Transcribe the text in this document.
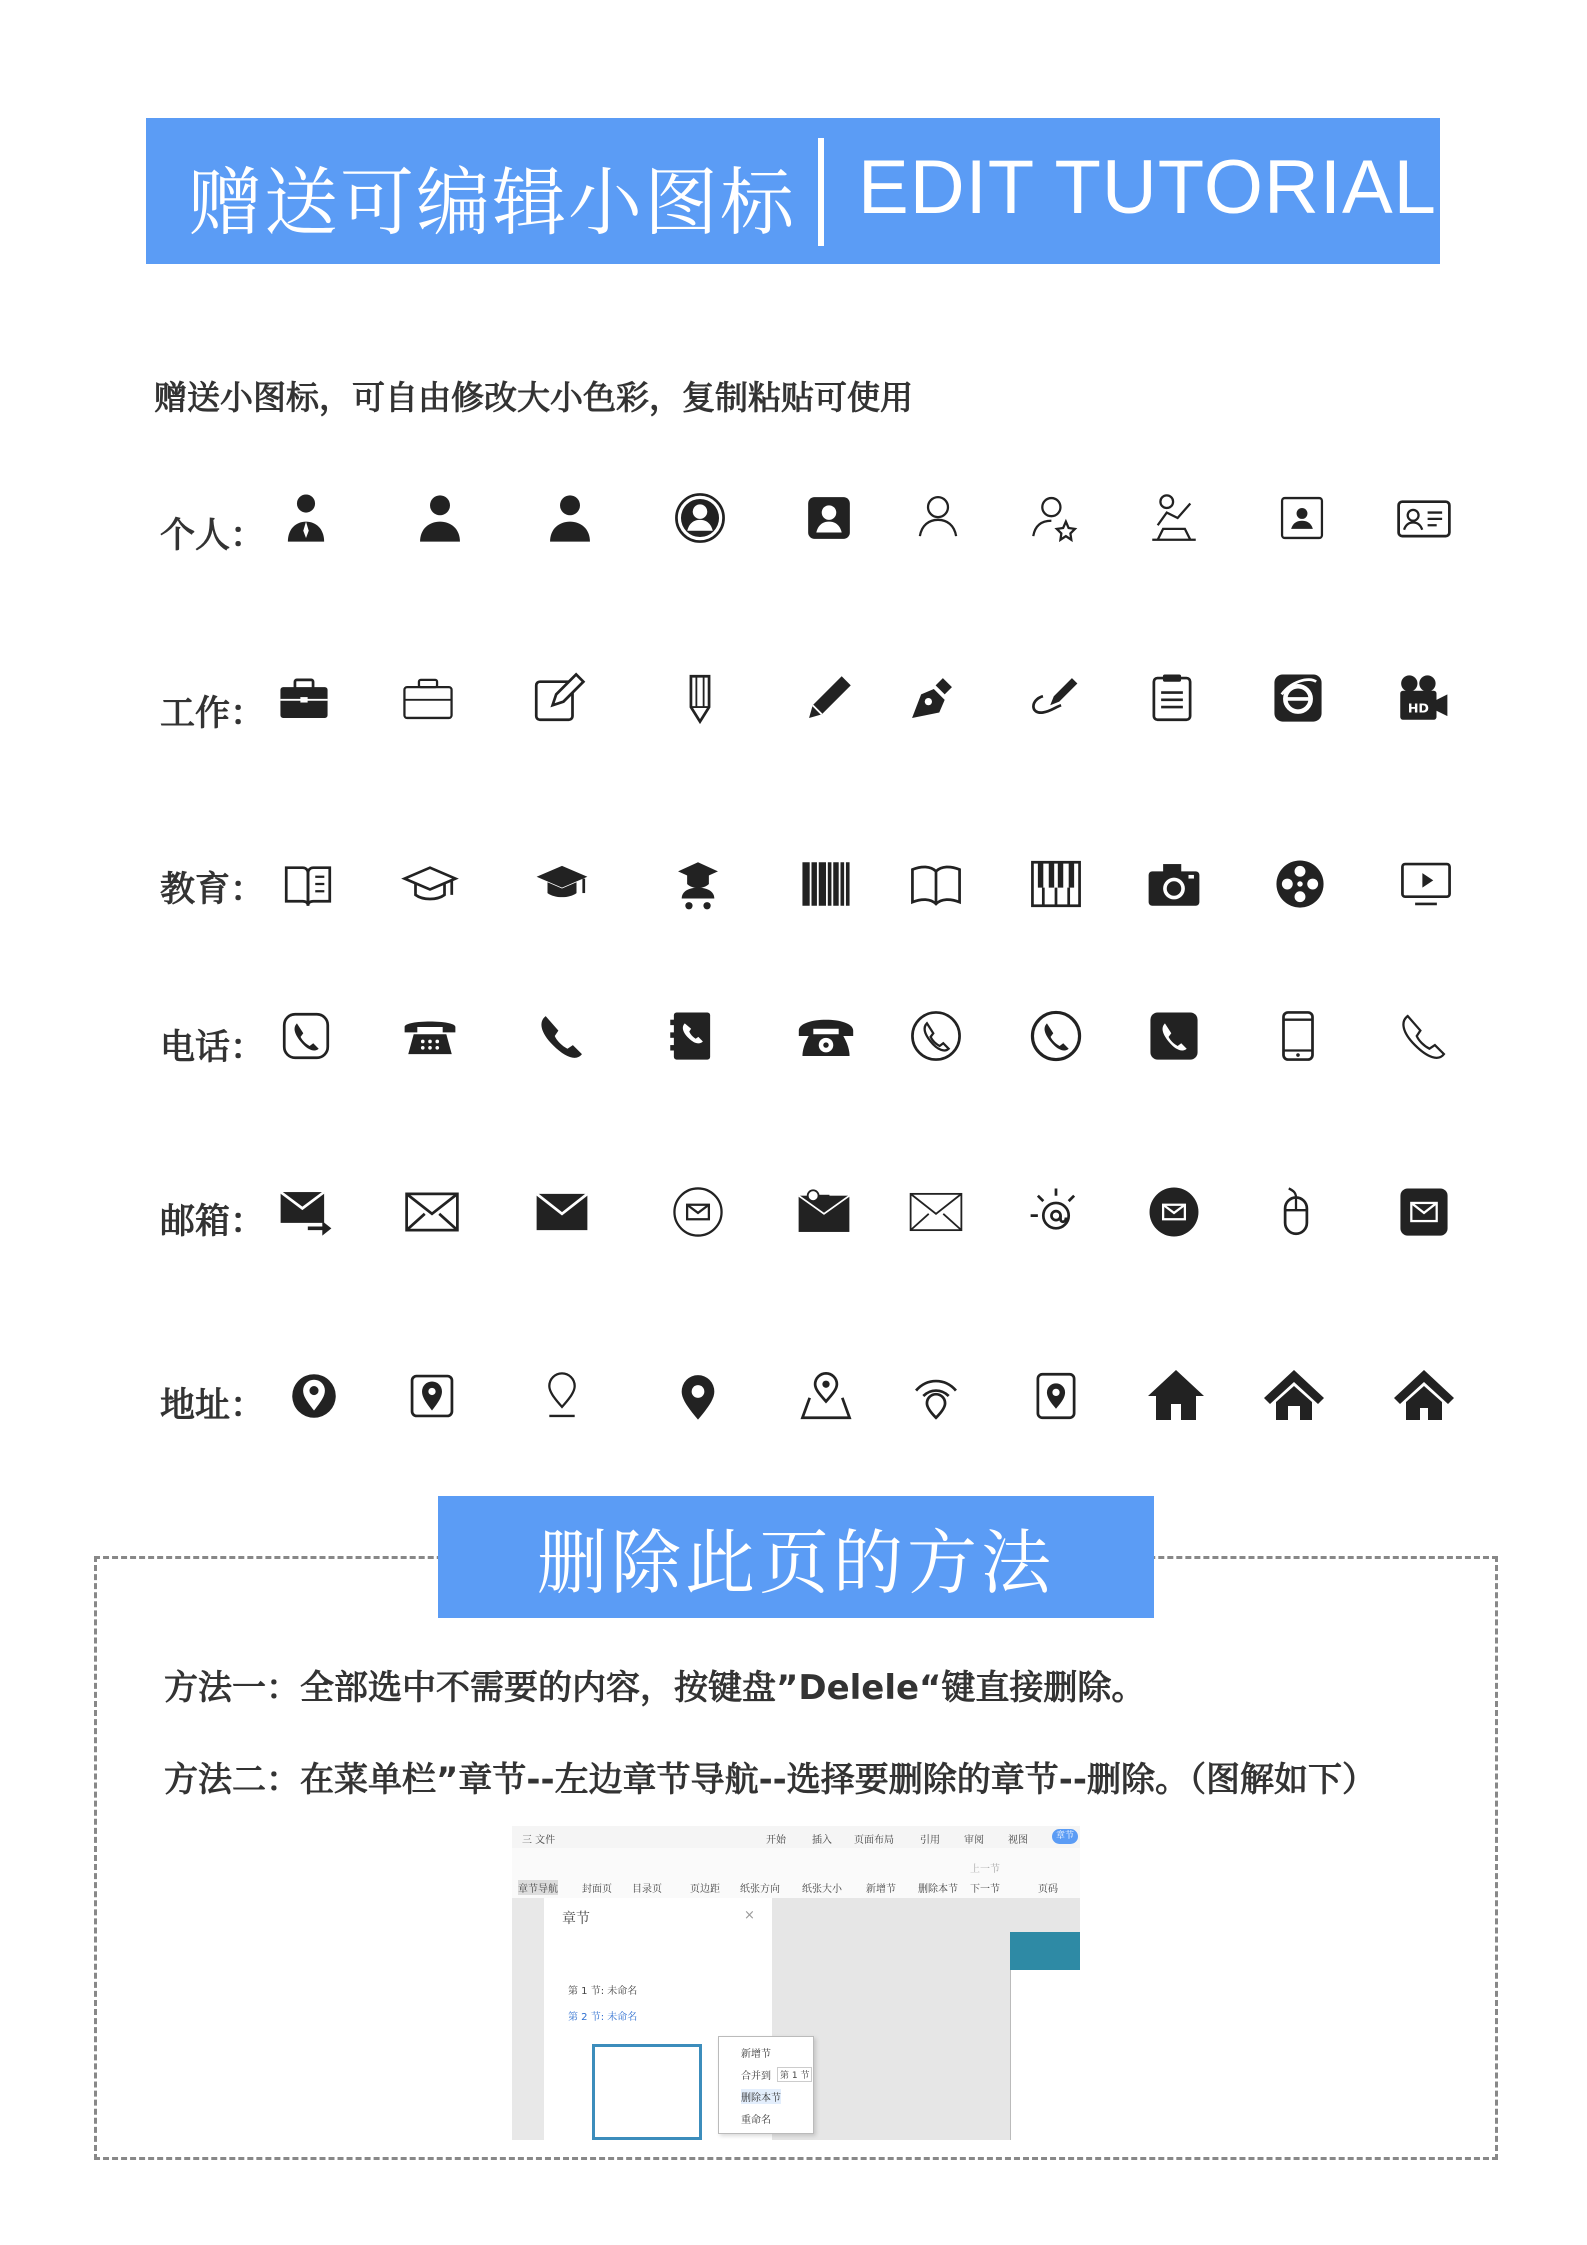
赠送可编辑小图标 EDIT TUTORIAL
赠送小图标，可自由修改大小色彩，复制粘贴可使用
个人：
工作：
教育：
电话：
邮箱：
地址：
HD
删除此页的方法
方法一：全部选中不需要的内容，按键盘”Delele“键直接删除。
方法二：在菜单栏”章节--左边章节导航--选择要删除的章节--删除。（图解如下）
三 文件	开始	插入 页面布局	引用 审阅 视图	章节
章节导航 封面页 目录页	页边距 纸张方向 纸张大小 新增节 删除本节
上一节
下一节	页码
章节	×
第 1 节: 未命名
第 2 节: 未命名
新增节
合并到	第 1 节
删除本节
重命名
